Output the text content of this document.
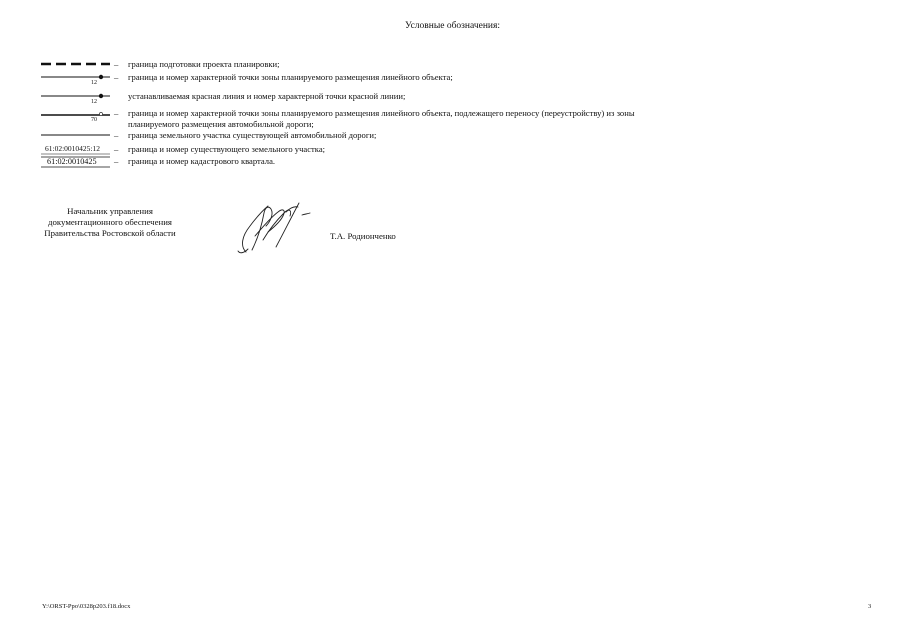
Условные обозначения:
12
12
70
61:02:0010425:12
61:02:0010425
–
–
–
–
–
–
граница подготовки проекта планировки;
граница и номер характерной точки зоны планируемого размещения линейного объекта;
устанавливаемая красная линия и номер характерной точки красной линии;
граница и номер характерной точки зоны планируемого размещения линейного объекта, подлежащего переносу (переустройству) из зоны
планируемого размещения автомобильной дороги;
граница земельного участка существующей автомобильной дороги;
граница и номер существующего земельного участка;
граница и номер кадастрового квартала.
Начальник управления
документационного обеспечения
Правительства Ростовской области	Т.А. Родионченко
Y:\ORST-Ppo\0328p203.f18.docx	3
